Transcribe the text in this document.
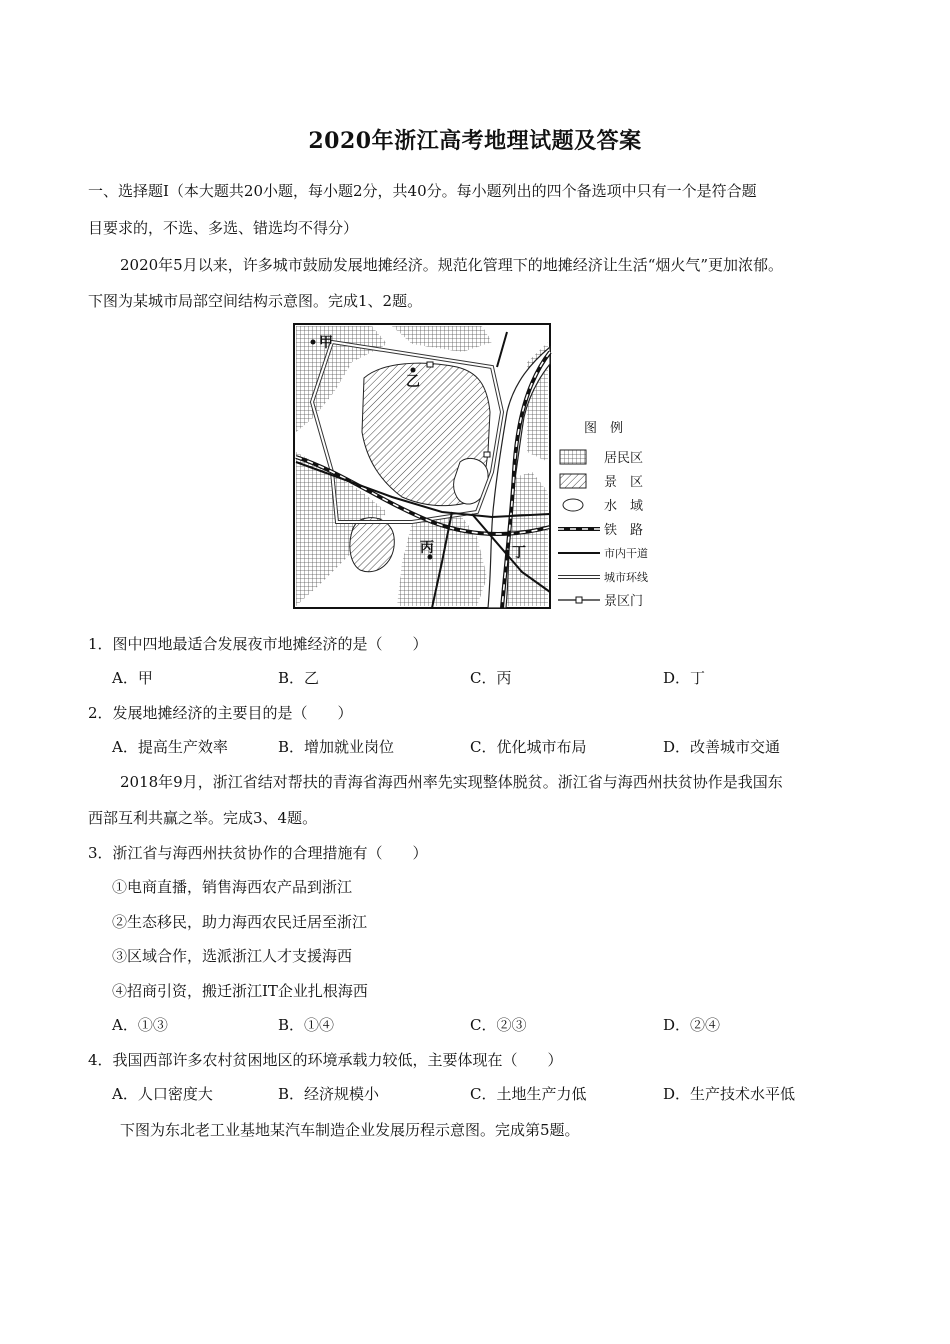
2020年浙江高考地理试题及答案
一、选择题Ⅰ（本大题共20小题，每小题2分，共40分。每小题列出的四个备选项中只有一个是符合题
目要求的，不选、多选、错选均不得分）
2020年5月以来，许多城市鼓励发展地摊经济。规范化管理下的地摊经济让生活“烟火气”更加浓郁。
下图为某城市局部空间结构示意图。完成1、2题。
甲
乙
丙	丁
图　例
居民区
景　区
水　域
铁　路
市内干道
城市环线
景区门
1．图中四地最适合发展夜市地摊经济的是（　　）
A．甲	B．乙	C．丙	D．丁
2．发展地摊经济的主要目的是（　　）
A．提高生产效率	B．增加就业岗位	C．优化城市布局	D．改善城市交通
2018年9月，浙江省结对帮扶的青海省海西州率先实现整体脱贫。浙江省与海西州扶贫协作是我国东
西部互利共赢之举。完成3、4题。
3．浙江省与海西州扶贫协作的合理措施有（　　）
①电商直播，销售海西农产品到浙江
②生态移民，助力海西农民迁居至浙江
③区域合作，选派浙江人才支援海西
④招商引资，搬迁浙江IT企业扎根海西
A．①③	B．①④	C．②③	D．②④
4．我国西部许多农村贫困地区的环境承载力较低，主要体现在（　　）
A．人口密度大	B．经济规模小	C．土地生产力低	D．生产技术水平低
下图为东北老工业基地某汽车制造企业发展历程示意图。完成第5题。
